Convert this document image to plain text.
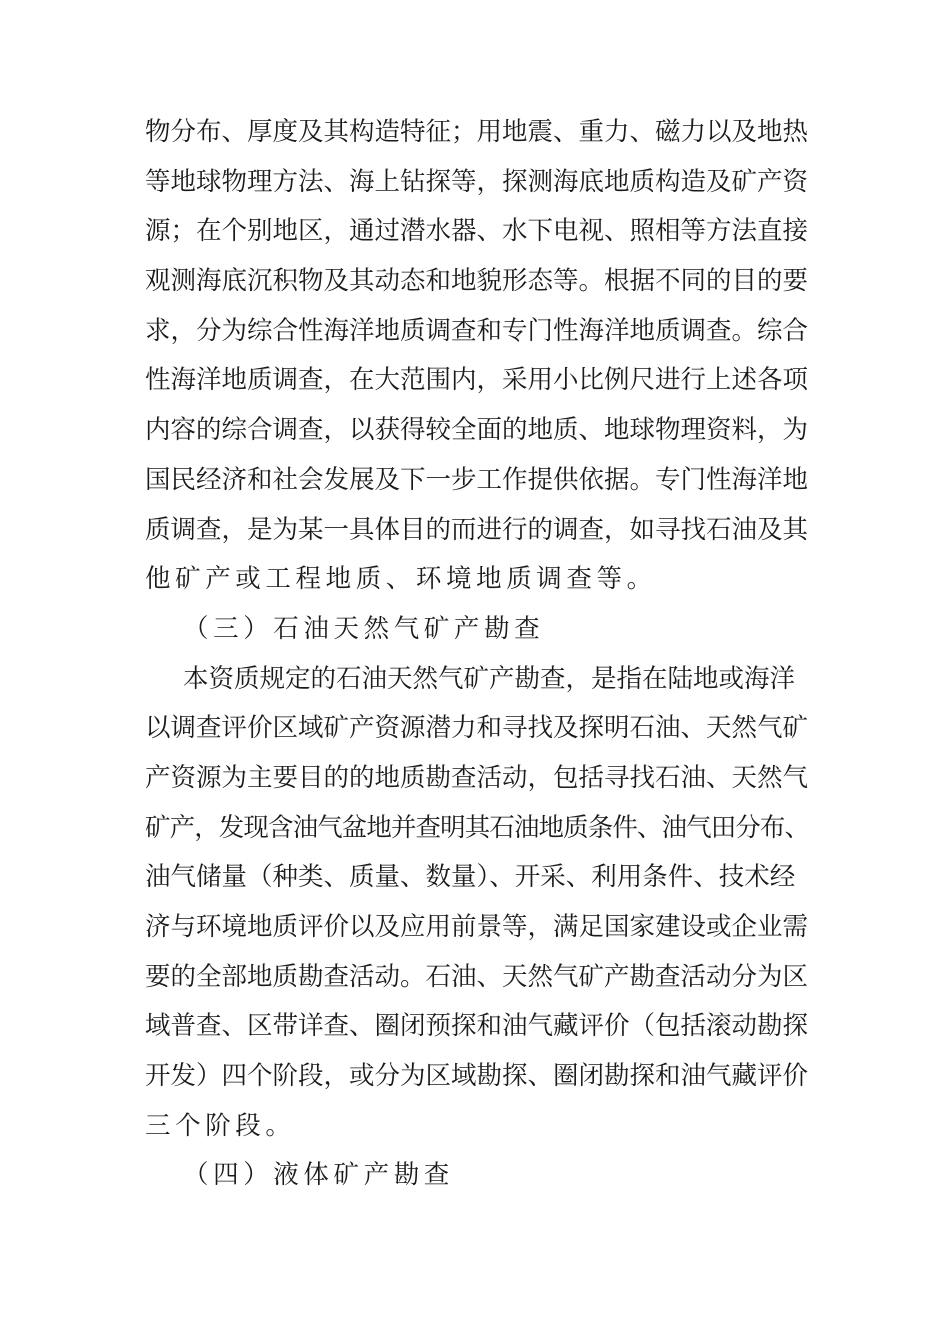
物分布、厚度及其构造特征；用地震、重力、磁力以及地热
等地球物理方法、海上钻探等，探测海底地质构造及矿产资
源；在个别地区，通过潜水器、水下电视、照相等方法直接
观测海底沉积物及其动态和地貌形态等。根据不同的目的要
求，分为综合性海洋地质调查和专门性海洋地质调查。综合
性海洋地质调查，在大范围内，采用小比例尺进行上述各项
内容的综合调查，以获得较全面的地质、地球物理资料，为
国民经济和社会发展及下一步工作提供依据。专门性海洋地
质调查，是为某一具体目的而进行的调查，如寻找石油及其
他矿产或工程地质、环境地质调查等。
（三）石油天然气矿产勘查
本资质规定的石油天然气矿产勘查，是指在陆地或海洋
以调查评价区域矿产资源潜力和寻找及探明石油、天然气矿
产资源为主要目的的地质勘查活动，包括寻找石油、天然气
矿产，发现含油气盆地并查明其石油地质条件、油气田分布、
油气储量（种类、质量、数量）、开采、利用条件、技术经
济与环境地质评价以及应用前景等，满足国家建设或企业需
要的全部地质勘查活动。石油、天然气矿产勘查活动分为区
域普查、区带详查、圈闭预探和油气藏评价（包括滚动勘探
开发）四个阶段，或分为区域勘探、圈闭勘探和油气藏评价
三个阶段。
（四）液体矿产勘查
